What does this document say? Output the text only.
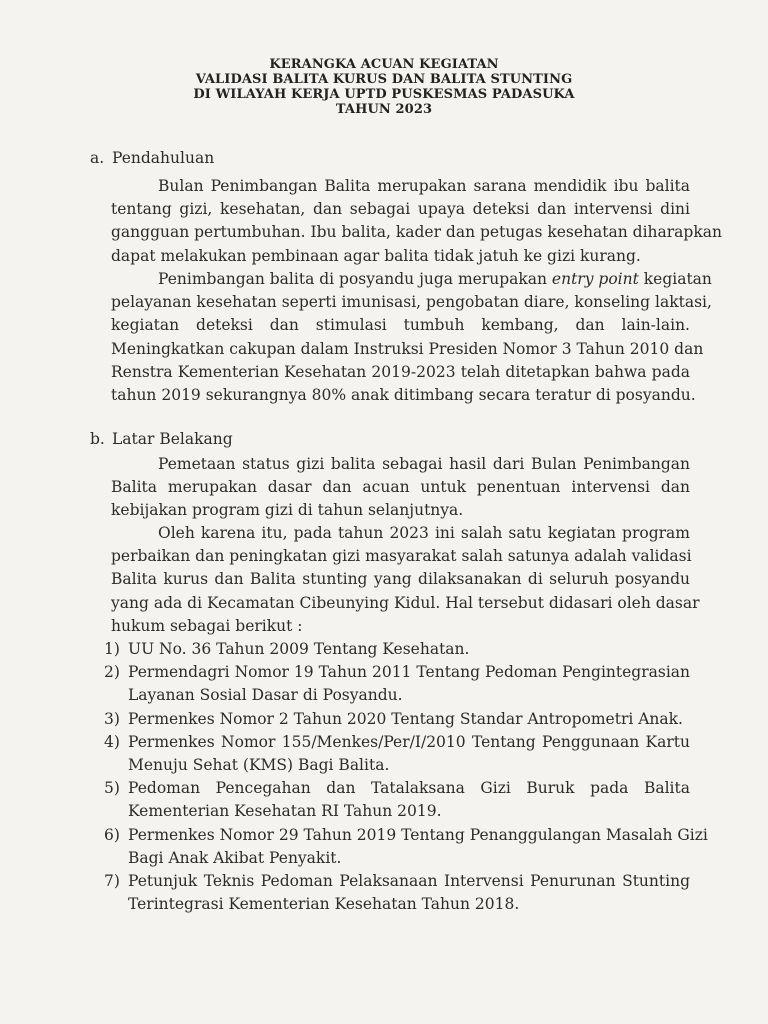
KERANGKA ACUAN KEGIATAN
VALIDASI BALITA KURUS DAN BALITA STUNTING
DI WILAYAH KERJA UPTD PUSKESMAS PADASUKA
TAHUN 2023
a. Pendahuluan
Bulan Penimbangan Balita merupakan sarana mendidik ibu balita
tentang gizi, kesehatan, dan sebagai upaya deteksi dan intervensi dini
gangguan pertumbuhan. Ibu balita, kader dan petugas kesehatan diharapkan
dapat melakukan pembinaan agar balita tidak jatuh ke gizi kurang.
Penimbangan balita di posyandu juga merupakan entry point kegiatan
pelayanan kesehatan seperti imunisasi, pengobatan diare, konseling laktasi,
kegiatan deteksi dan stimulasi tumbuh kembang, dan lain-lain.
Meningkatkan cakupan dalam Instruksi Presiden Nomor 3 Tahun 2010 dan
Renstra Kementerian Kesehatan 2019-2023 telah ditetapkan bahwa pada
tahun 2019 sekurangnya 80% anak ditimbang secara teratur di posyandu.
b. Latar Belakang
Pemetaan status gizi balita sebagai hasil dari Bulan Penimbangan
Balita merupakan dasar dan acuan untuk penentuan intervensi dan
kebijakan program gizi di tahun selanjutnya.
Oleh karena itu, pada tahun 2023 ini salah satu kegiatan program
perbaikan dan peningkatan gizi masyarakat salah satunya adalah validasi
Balita kurus dan Balita stunting yang dilaksanakan di seluruh posyandu
yang ada di Kecamatan Cibeunying Kidul. Hal tersebut didasari oleh dasar
hukum sebagai berikut :
1) UU No. 36 Tahun 2009 Tentang Kesehatan.
2) Permendagri Nomor 19 Tahun 2011 Tentang Pedoman Pengintegrasian
Layanan Sosial Dasar di Posyandu.
3) Permenkes Nomor 2 Tahun 2020 Tentang Standar Antropometri Anak.
4) Permenkes Nomor 155/Menkes/Per/I/2010 Tentang Penggunaan Kartu
Menuju Sehat (KMS) Bagi Balita.
5) Pedoman Pencegahan dan Tatalaksana Gizi Buruk pada Balita
Kementerian Kesehatan RI Tahun 2019.
6) Permenkes Nomor 29 Tahun 2019 Tentang Penanggulangan Masalah Gizi
Bagi Anak Akibat Penyakit.
7) Petunjuk Teknis Pedoman Pelaksanaan Intervensi Penurunan Stunting
Terintegrasi Kementerian Kesehatan Tahun 2018.
